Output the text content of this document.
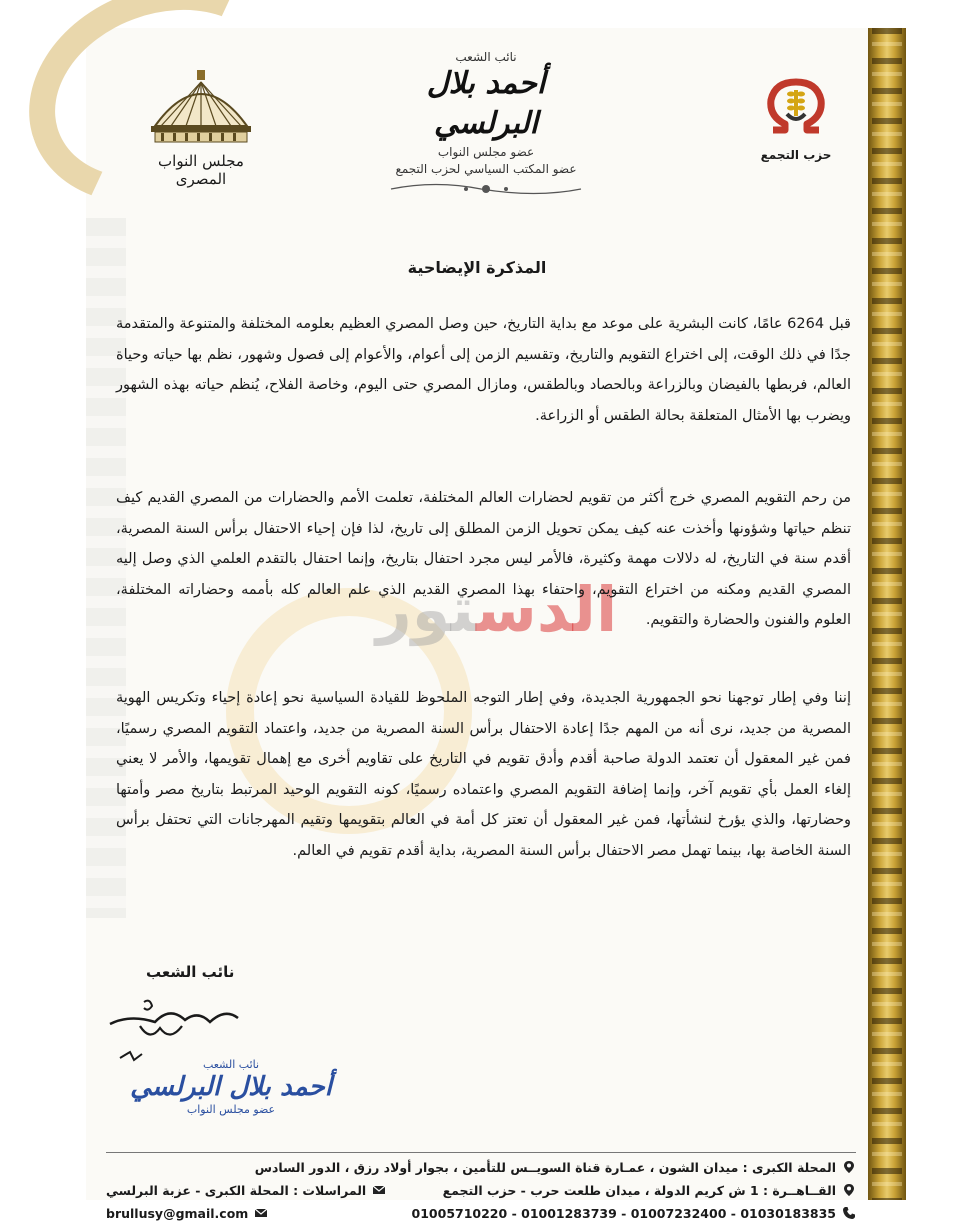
مجلس النواب المصرى
نائب الشعب
أحمد بلال البرلسي
عضو مجلس النواب
عضو المكتب السياسي لحزب التجمع
حزب التجمع
الدستور
المذكرة الإيضاحية
قبل 6264 عامًا، كانت البشرية على موعد مع بداية التاريخ، حين وصل المصري العظيم بعلومه المختلفة والمتنوعة والمتقدمة جدًا في ذلك الوقت، إلى اختراع التقويم والتاريخ، وتقسيم الزمن إلى أعوام، والأعوام إلى فصول وشهور، نظم بها حياته وحياة العالم، فربطها بالفيضان وبالزراعة وبالحصاد وبالطقس، ومازال المصري حتى اليوم، وخاصة الفلاح، يُنظم حياته بهذه الشهور ويضرب بها الأمثال المتعلقة بحالة الطقس أو الزراعة.
من رحم التقويم المصري خرج أكثر من تقويم لحضارات العالم المختلفة، تعلمت الأمم والحضارات من المصري القديم كيف تنظم حياتها وشؤونها وأخذت عنه كيف يمكن تحويل الزمن المطلق إلى تاريخ، لذا فإن إحياء الاحتفال برأس السنة المصرية، أقدم سنة في التاريخ، له دلالات مهمة وكثيرة، فالأمر ليس مجرد احتفال بتاريخ، وإنما احتفال بالتقدم العلمي الذي وصل إليه المصري القديم ومكنه من اختراع التقويم، واحتفاء بهذا المصري القديم الذي علم العالم كله بأممه وحضاراته المختلفة، العلوم والفنون والحضارة والتقويم.
إننا وفي إطار توجهنا نحو الجمهورية الجديدة، وفي إطار التوجه الملحوظ للقيادة السياسية نحو إعادة إحياء وتكريس الهوية المصرية من جديد، نرى أنه من المهم جدًا إعادة الاحتفال برأس السنة المصرية من جديد، واعتماد التقويم المصري رسميًا، فمن غير المعقول أن تعتمد الدولة صاحبة أقدم وأدق تقويم في التاريخ على تقاويم أخرى مع إهمال تقويمها، والأمر لا يعني إلغاء العمل بأي تقويم آخر، وإنما إضافة التقويم المصري واعتماده رسميًا، كونه التقويم الوحيد المرتبط بتاريخ مصر وأمتها وحضارتها، والذي يؤرخ لنشأتها، فمن غير المعقول أن تعتز كل أمة في العالم بتقويمها وتقيم المهرجانات التي تحتفل برأس السنة الخاصة بها، بينما تهمل مصر الاحتفال برأس السنة المصرية، بداية أقدم تقويم في العالم.
نائب الشعب
نائب الشعب
أحمد بلال البرلسي
عضو مجلس النواب
المحلة الكبرى : ميدان الشون ، عمـارة قناة السويــس للتأمين ، بجوار أولاد رزق ، الدور السادس
القــاهــرة : 1 ش كريم الدولة ، ميدان طلعت حرب - حزب التجمع
المراسلات : المحلة الكبرى - عزبة البرلسي
01030183835 - 01007232400 - 01001283739 - 01005710220
brullusy@gmail.com
